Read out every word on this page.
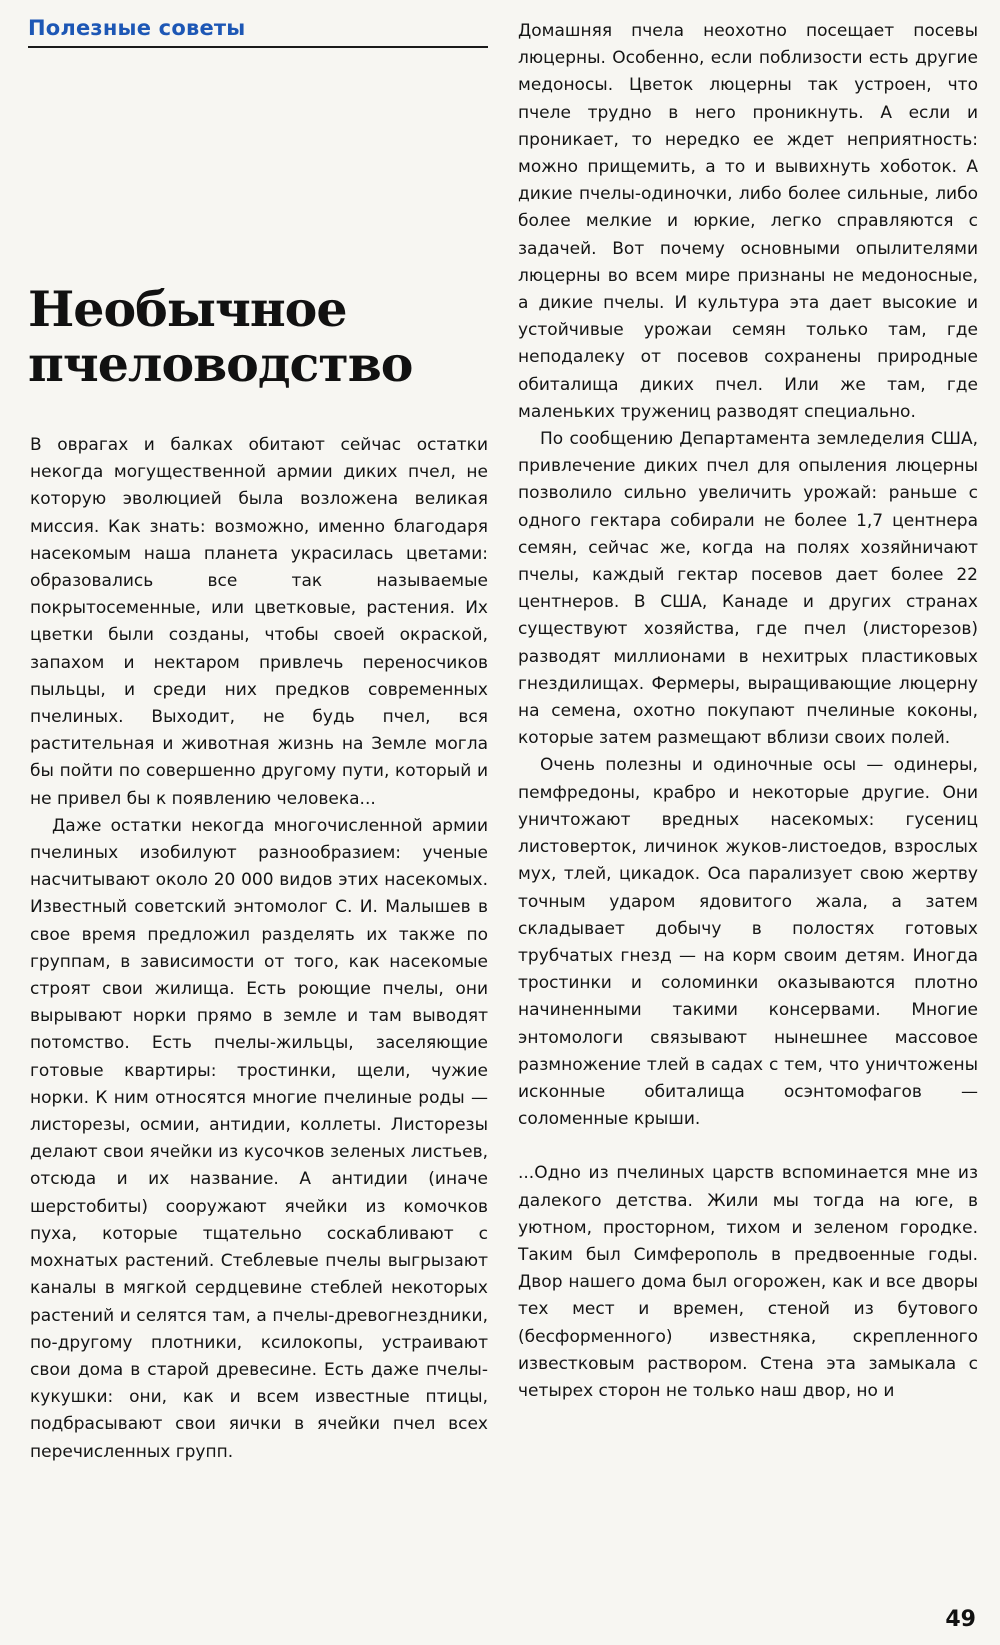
Полезные советы
Необычное
пчеловодство

В оврагах и балках обитают сейчас остатки некогда могущественной армии диких пчел, не которую эволюцией была возложена великая миссия. Как знать: возможно, именно благодаря насекомым наша планета украсилась цветами: образовались все так называемые покрытосеменные, или цветковые, растения. Их цветки были созданы, чтобы своей окраской, запахом и нектаром привлечь переносчиков пыльцы, и среди них предков современных пчелиных. Выходит, не будь пчел, вся растительная и животная жизнь на Земле могла бы пойти по совершенно другому пути, который и не привел бы к появлению человека...

Даже остатки некогда многочисленной армии пчелиных изобилуют разнообразием: ученые насчитывают около 20 000 видов этих насекомых. Известный советский энтомолог С. И. Малышев в свое время предложил разделять их также по группам, в зависимости от того, как насекомые строят свои жилища. Есть роющие пчелы, они вырывают норки прямо в земле и там выводят потомство. Есть пчелы-жильцы, заселяющие готовые квартиры: тростинки, щели, чужие норки. К ним относятся многие пчелиные роды — листорезы, осмии, антидии, коллеты. Листорезы делают свои ячейки из кусочков зеленых листьев, отсюда и их название. А антидии (иначе шерстобиты) сооружают ячейки из комочков пуха, которые тщательно соскабливают с мохнатых растений. Стеблевые пчелы выгрызают каналы в мягкой сердцевине стеблей некоторых растений и селятся там, а пчелы-древогнездники, по-другому плотники, ксилокопы, устраивают свои дома в старой древесине. Есть даже пчелы-кукушки: они, как и всем известные птицы, подбрасывают свои яички в ячейки пчел всех перечисленных групп.

Домашняя пчела неохотно посещает посевы люцерны. Особенно, если поблизости есть другие медоносы. Цветок люцерны так устроен, что пчеле трудно в него проникнуть. А если и проникает, то нередко ее ждет неприятность: можно прищемить, а то и вывихнуть хоботок. А дикие пчелы-одиночки, либо более сильные, либо более мелкие и юркие, легко справляются с задачей. Вот почему основными опылителями люцерны во всем мире признаны не медоносные, а дикие пчелы. И культура эта дает высокие и устойчивые урожаи семян только там, где неподалеку от посевов сохранены природные обиталища диких пчел. Или же там, где маленьких тружениц разводят специально.

По сообщению Департамента земледелия США, привлечение диких пчел для опыления люцерны позволило сильно увеличить урожай: раньше с одного гектара собирали не более 1,7 центнера семян, сейчас же, когда на полях хозяйничают пчелы, каждый гектар посевов дает более 22 центнеров. В США, Канаде и других странах существуют хозяйства, где пчел (листорезов) разводят миллионами в нехитрых пластиковых гнездилищах. Фермеры, выращивающие люцерну на семена, охотно покупают пчелиные коконы, которые затем размещают вблизи своих полей.

Очень полезны и одиночные осы — одинеры, пемфредоны, крабро и некоторые другие. Они уничтожают вредных насекомых: гусениц листоверток, личинок жуков-листоедов, взрослых мух, тлей, цикадок. Оса парализует свою жертву точным ударом ядовитого жала, а затем складывает добычу в полостях готовых трубчатых гнезд — на корм своим детям. Иногда тростинки и соломинки оказываются плотно начиненными такими консервами. Многие энтомологи связывают нынешнее массовое размножение тлей в садах с тем, что уничтожены исконные обиталища осэнтомофагов — соломенные крыши.

...Одно из пчелиных царств вспоминается мне из далекого детства. Жили мы тогда на юге, в уютном, просторном, тихом и зеленом городке. Таким был Симферополь в предвоенные годы. Двор нашего дома был огорожен, как и все дворы тех мест и времен, стеной из бутового (бесформенного) известняка, скрепленного известковым раствором. Стена эта замыкала с четырех сторон не только наш двор, но и

49
